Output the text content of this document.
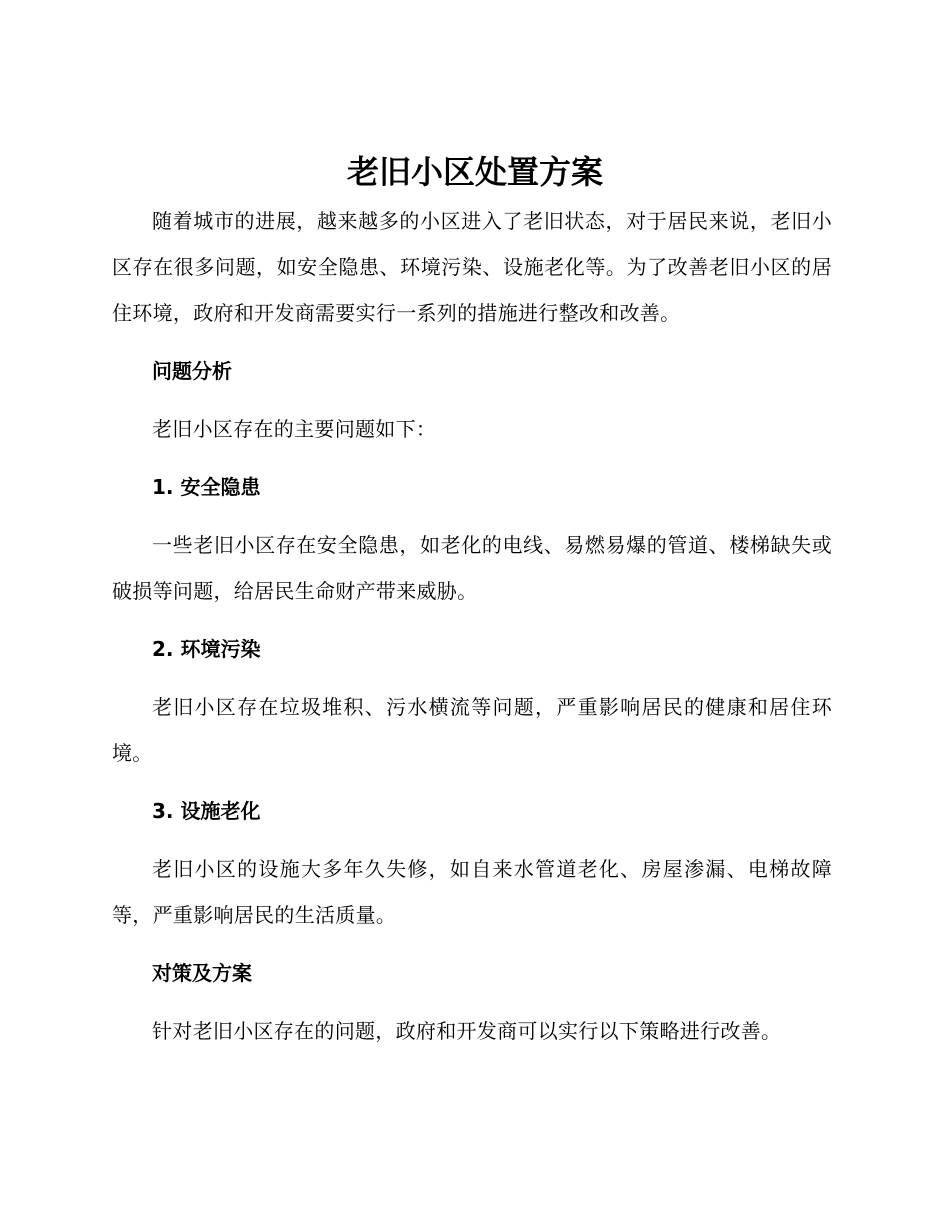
老旧小区处置方案

随着城市的进展，越来越多的小区进入了老旧状态，对于居民来说，老旧小区存在很多问题，如安全隐患、环境污染、设施老化等。为了改善老旧小区的居住环境，政府和开发商需要实行一系列的措施进行整改和改善。

问题分析

老旧小区存在的主要问题如下：

1. 安全隐患

一些老旧小区存在安全隐患，如老化的电线、易燃易爆的管道、楼梯缺失或破损等问题，给居民生命财产带来威胁。

2. 环境污染

老旧小区存在垃圾堆积、污水横流等问题，严重影响居民的健康和居住环境。

3. 设施老化

老旧小区的设施大多年久失修，如自来水管道老化、房屋渗漏、电梯故障等，严重影响居民的生活质量。

对策及方案

针对老旧小区存在的问题，政府和开发商可以实行以下策略进行改善。
